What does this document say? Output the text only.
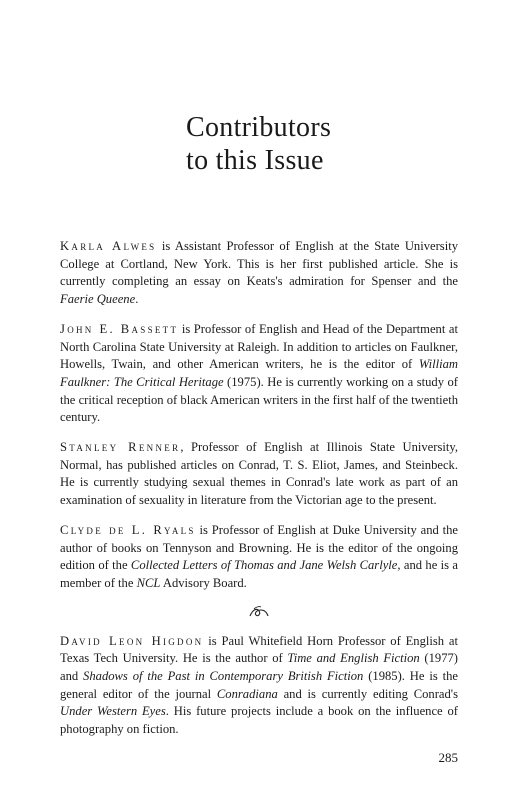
Contributors
to this Issue

Karla Alwes is Assistant Professor of English at the State University College at Cortland, New York. This is her first published article. She is currently completing an essay on Keats's admiration for Spenser and the Faerie Queene.

John E. Bassett is Professor of English and Head of the Department at North Carolina State University at Raleigh. In addition to articles on Faulkner, Howells, Twain, and other American writers, he is the editor of William Faulkner: The Critical Heritage (1975). He is currently working on a study of the critical reception of black American writers in the first half of the twentieth century.

Stanley Renner, Professor of English at Illinois State University, Normal, has published articles on Conrad, T. S. Eliot, James, and Steinbeck. He is currently studying sexual themes in Conrad's late work as part of an examination of sexuality in literature from the Victorian age to the present.

Clyde de L. Ryals is Professor of English at Duke University and the author of books on Tennyson and Browning. He is the editor of the ongoing edition of the Collected Letters of Thomas and Jane Welsh Carlyle, and he is a member of the NCL Advisory Board.

David Leon Higdon is Paul Whitefield Horn Professor of English at Texas Tech University. He is the author of Time and English Fiction (1977) and Shadows of the Past in Contemporary British Fiction (1985). He is the general editor of the journal Conradiana and is currently editing Conrad's Under Western Eyes. His future projects include a book on the influence of photography on fiction.

285
